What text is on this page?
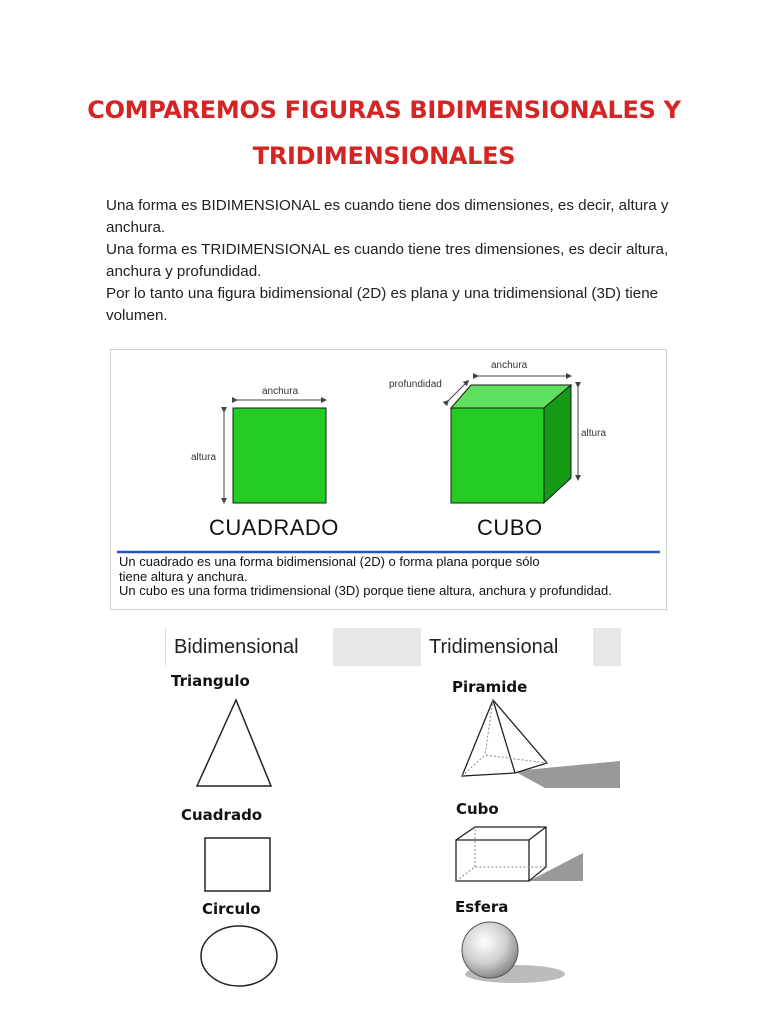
COMPAREMOS FIGURAS BIDIMENSIONALES Y
TRIDIMENSIONALES

Una forma es BIDIMENSIONAL es cuando tiene dos dimensiones, es decir, altura y anchura.

Una forma es TRIDIMENSIONAL es cuando tiene tres dimensiones, es decir altura, anchura y profundidad.

Por lo tanto una figura bidimensional (2D) es plana y una tridimensional (3D) tiene volumen.

anchura
altura
CUADRADO
anchura
profundidad
altura
CUBO
Un cuadrado es una forma bidimensional (2D) o forma plana porque sólo
tiene altura y anchura.
Un cubo es una forma tridimensional (3D) porque tiene altura, anchura y profundidad.
Bidimensional	Tridimensional
Triangulo
Cuadrado
Circulo
Piramide
Cubo
Esfera
